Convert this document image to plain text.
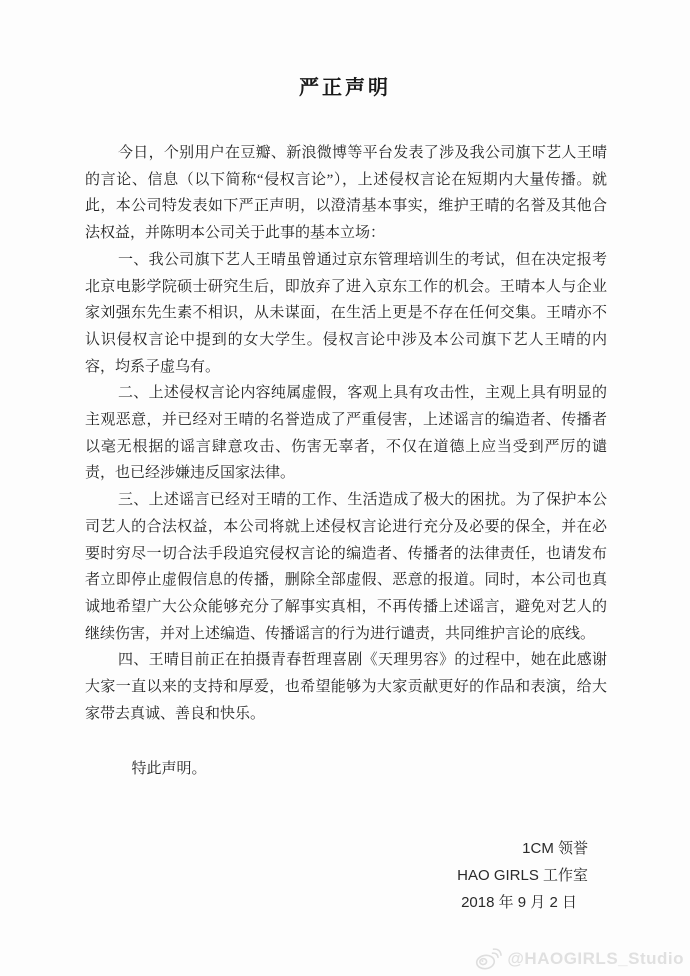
严正声明

今日，个别用户在豆瓣、新浪微博等平台发表了涉及我公司旗下艺人王晴的言论、信息（以下简称“侵权言论”），上述侵权言论在短期内大量传播。就此，本公司特发表如下严正声明，以澄清基本事实，维护王晴的名誉及其他合法权益，并陈明本公司关于此事的基本立场：

一、我公司旗下艺人王晴虽曾通过京东管理培训生的考试，但在决定报考北京电影学院硕士研究生后，即放弃了进入京东工作的机会。王晴本人与企业家刘强东先生素不相识，从未谋面，在生活上更是不存在任何交集。王晴亦不认识侵权言论中提到的女大学生。侵权言论中涉及本公司旗下艺人王晴的内容，均系子虚乌有。

二、上述侵权言论内容纯属虚假，客观上具有攻击性，主观上具有明显的主观恶意，并已经对王晴的名誉造成了严重侵害，上述谣言的编造者、传播者以毫无根据的谣言肆意攻击、伤害无辜者，不仅在道德上应当受到严厉的谴责，也已经涉嫌违反国家法律。

三、上述谣言已经对王晴的工作、生活造成了极大的困扰。为了保护本公司艺人的合法权益，本公司将就上述侵权言论进行充分及必要的保全，并在必要时穷尽一切合法手段追究侵权言论的编造者、传播者的法律责任，也请发布者立即停止虚假信息的传播，删除全部虚假、恶意的报道。同时，本公司也真诚地希望广大公众能够充分了解事实真相，不再传播上述谣言，避免对艺人的继续伤害，并对上述编造、传播谣言的行为进行谴责，共同维护言论的底线。

四、王晴目前正在拍摄青春哲理喜剧《天理男容》的过程中，她在此感谢大家一直以来的支持和厚爱，也希望能够为大家贡献更好的作品和表演，给大家带去真诚、善良和快乐。

特此声明。

1CM 领誉
HAO GIRLS 工作室
2018 年 9 月 2 日
@HAOGIRLS_Studio
